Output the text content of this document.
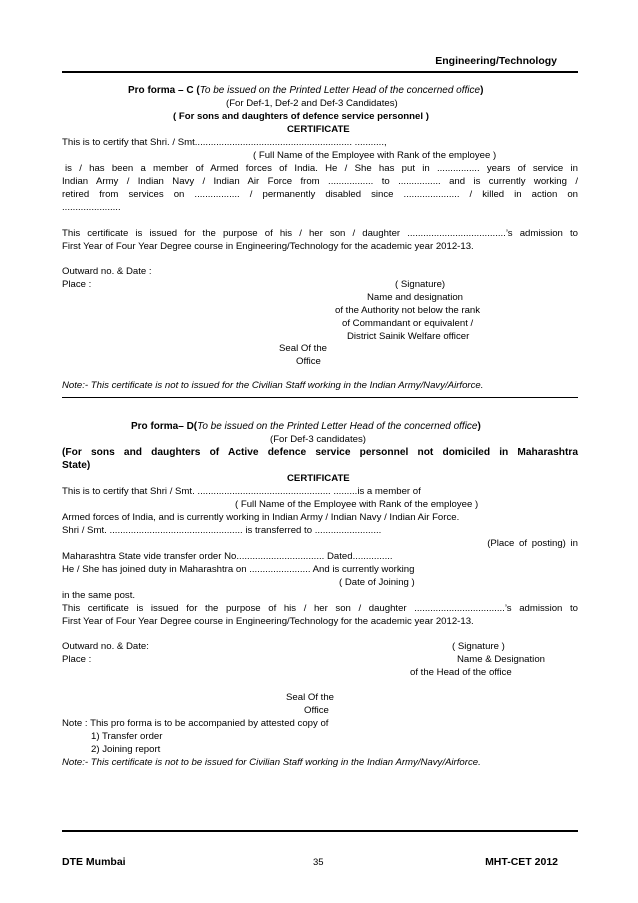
Engineering/Technology
Pro forma – C (To be issued on the Printed Letter Head of the concerned office)
(For Def-1, Def-2 and Def-3 Candidates)
( For sons and daughters of defence service personnel )
CERTIFICATE
This is to certify that Shri. / Smt........................................................... ...........,
( Full Name of the Employee with Rank of the employee )
is / has been a member of Armed forces of India. He / She has put in ................ years of service in
Indian Army / Indian Navy / Indian Air Force from ................. to ................ and is currently working /
retired from services on ................. / permanently disabled since ..................... / killed in action on
......................
This certificate is issued for the purpose of his / her son / daughter .....................................’s admission to
First Year of Four Year Degree course in Engineering/Technology for the academic year 2012-13.
Outward no. & Date :
Place :	( Signature)
Name and designation
of the Authority not below the rank
of Commandant or equivalent /
District Sainik Welfare officer
Seal Of the
Office
Note:- This certificate is not to issued for the Civilian Staff working in the Indian Army/Navy/Airforce.
Pro forma– D(To be issued on the Printed Letter Head of the concerned office)
(For Def-3 candidates)
(For sons and daughters of Active defence service personnel not domiciled in Maharashtra
State)
CERTIFICATE
This is to certify that Shri / Smt. .................................................. .........is a member of
( Full Name of the Employee with Rank of the employee )
Armed forces of India, and is currently working in Indian Army / Indian Navy / Indian Air Force.
Shri / Smt. .................................................. is transferred to .........................
(Place of posting) in
Maharashtra State vide transfer order No................................. Dated...............
He / She has joined duty in Maharashtra on ....................... And is currently working
( Date of Joining )
in the same post.
This certificate is issued for the purpose of his / her son / daughter ..................................’s admission to
First Year of Four Year Degree course in Engineering/Technology for the academic year 2012-13.
Outward no. & Date:	( Signature )
Place :	Name & Designation
of the Head of the office
Seal Of the
Office
Note : This pro forma is to be accompanied by attested copy of
1) Transfer order
2) Joining report
Note:- This certificate is not to be issued for Civilian Staff working in the Indian Army/Navy/Airforce.
DTE Mumbai	35	MHT-CET 2012
